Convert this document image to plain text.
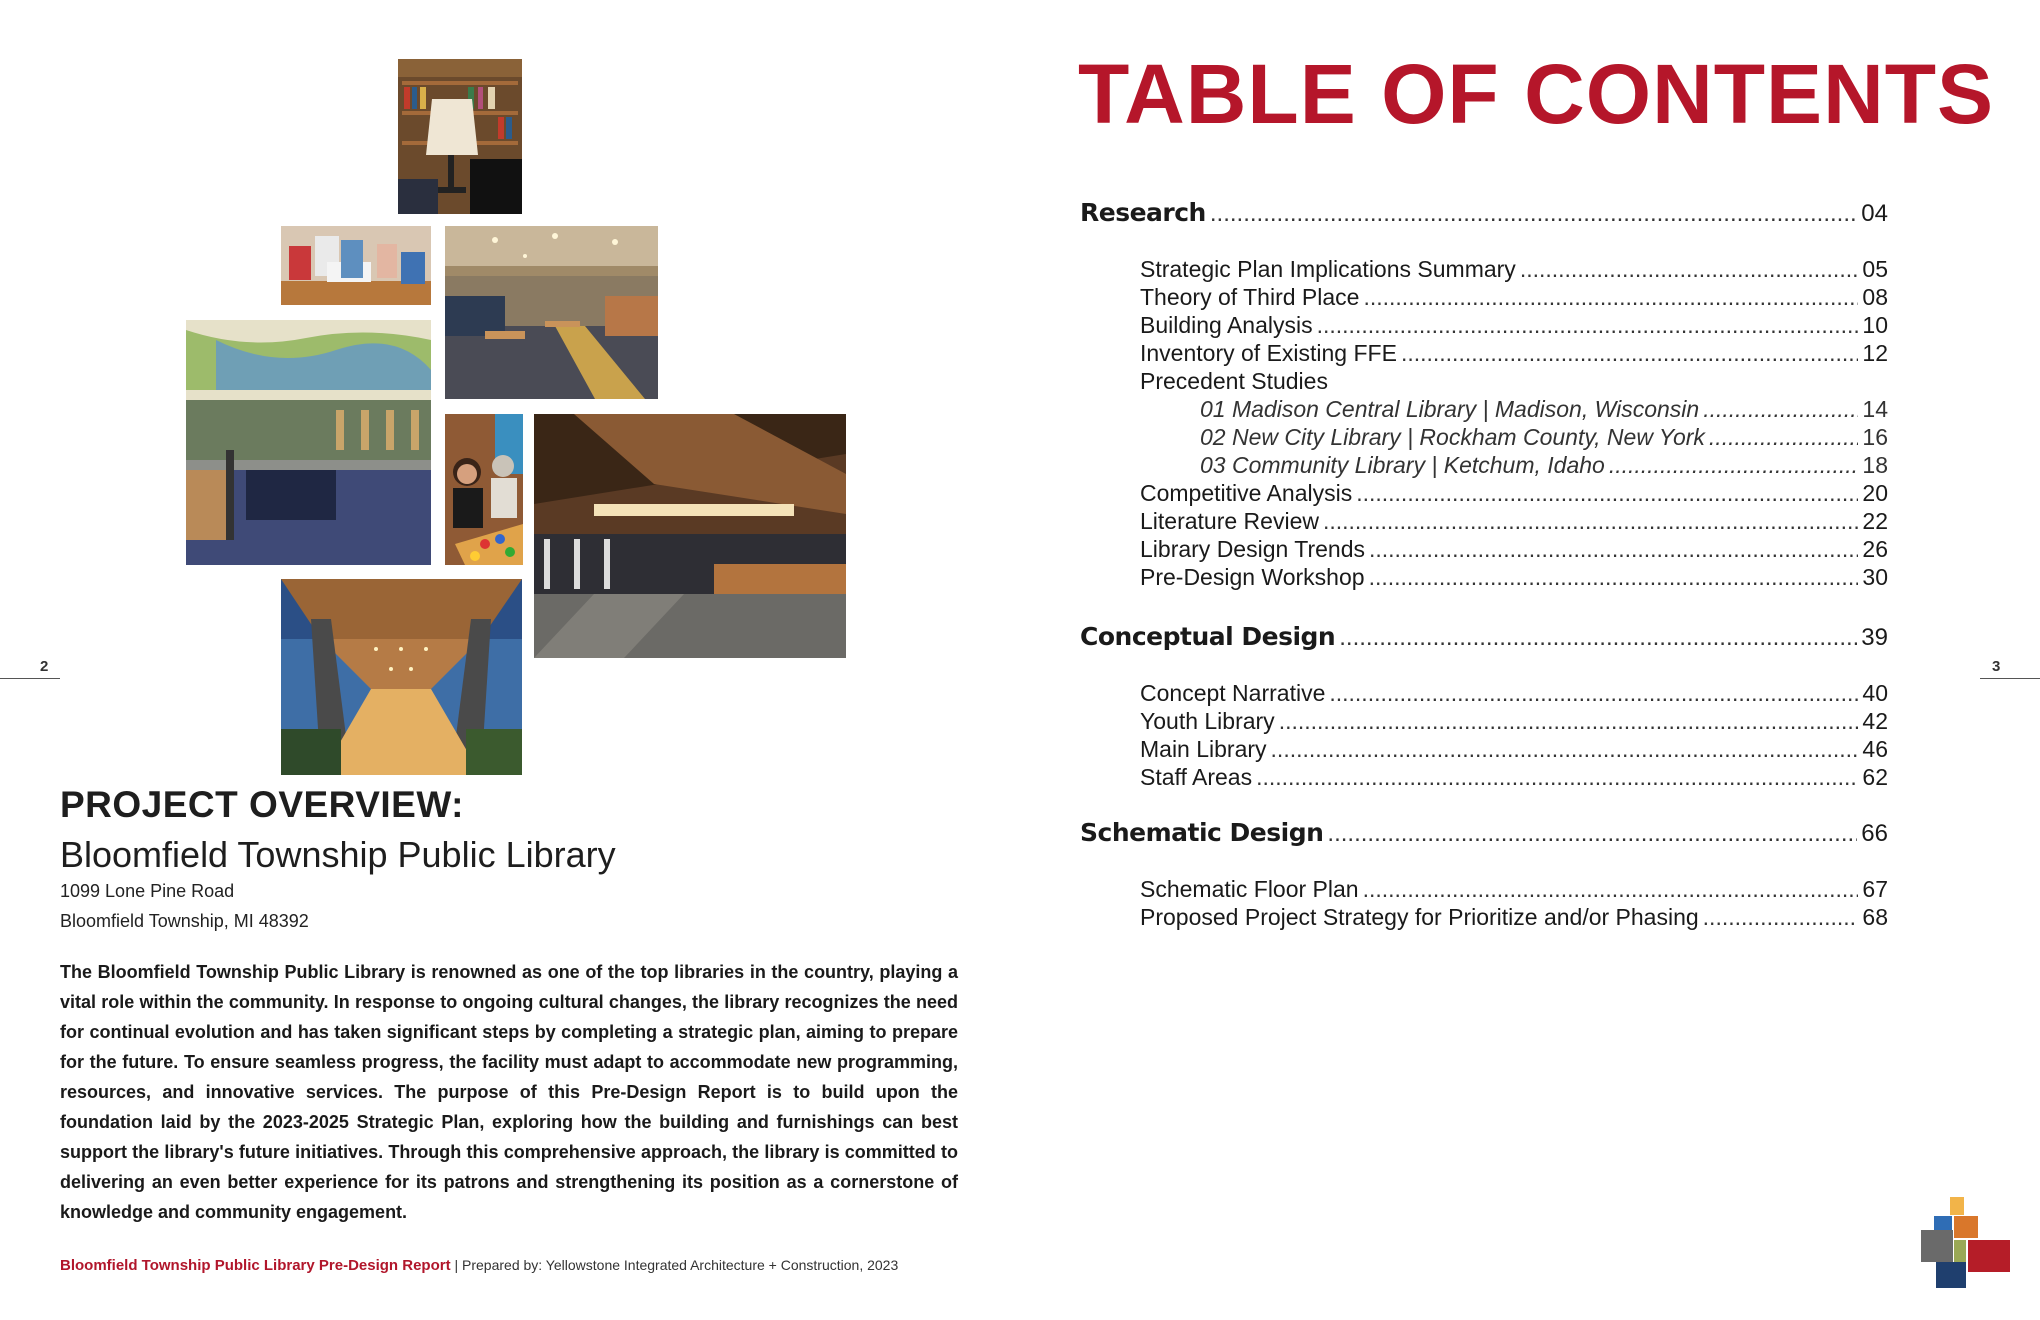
2	3
PROJECT OVERVIEW:
Bloomfield Township Public Library
1099 Lone Pine Road
Bloomfield Township, MI 48392
The Bloomfield Township Public Library is renowned as one of the top libraries in the country, playing a vital role within the community. In response to ongoing cultural changes, the library recognizes the need for continual evolution and has taken significant steps by completing a strategic plan, aiming to prepare for the future. To ensure seamless progress, the facility must adapt to accommodate new programming, resources, and innovative services. The purpose of this Pre-Design Report is to build upon the foundation laid by the 2023-2025 Strategic Plan, exploring how the building and furnishings can best support the library's future initiatives. Through this comprehensive approach, the library is committed to delivering an even better experience for its patrons and strengthening its position as a cornerstone of knowledge and community engagement.
Bloomfield Township Public Library Pre-Design Report | Prepared by: Yellowstone Integrated Architecture + Construction, 2023
TABLE OF CONTENTS
Research .....	04
Strategic Plan Implications Summary .....	05
Theory of Third Place .....	08
Building Analysis .....	10
Inventory of Existing FFE .....	12
Precedent Studies
01 Madison Central Library | Madison, Wisconsin .....	14
02 New City Library | Rockham County, New York .....	16
03 Community Library | Ketchum, Idaho .....	18
Competitive Analysis .....	20
Literature Review .....	22
Library Design Trends .....	26
Pre-Design Workshop .....	30
Conceptual Design .....	39
Concept Narrative .....	40
Youth Library .....	42
Main Library .....	46
Staff Areas .....	62
Schematic Design .....	66
Schematic Floor Plan .....	67
Proposed Project Strategy for Prioritize and/or Phasing .....	68
